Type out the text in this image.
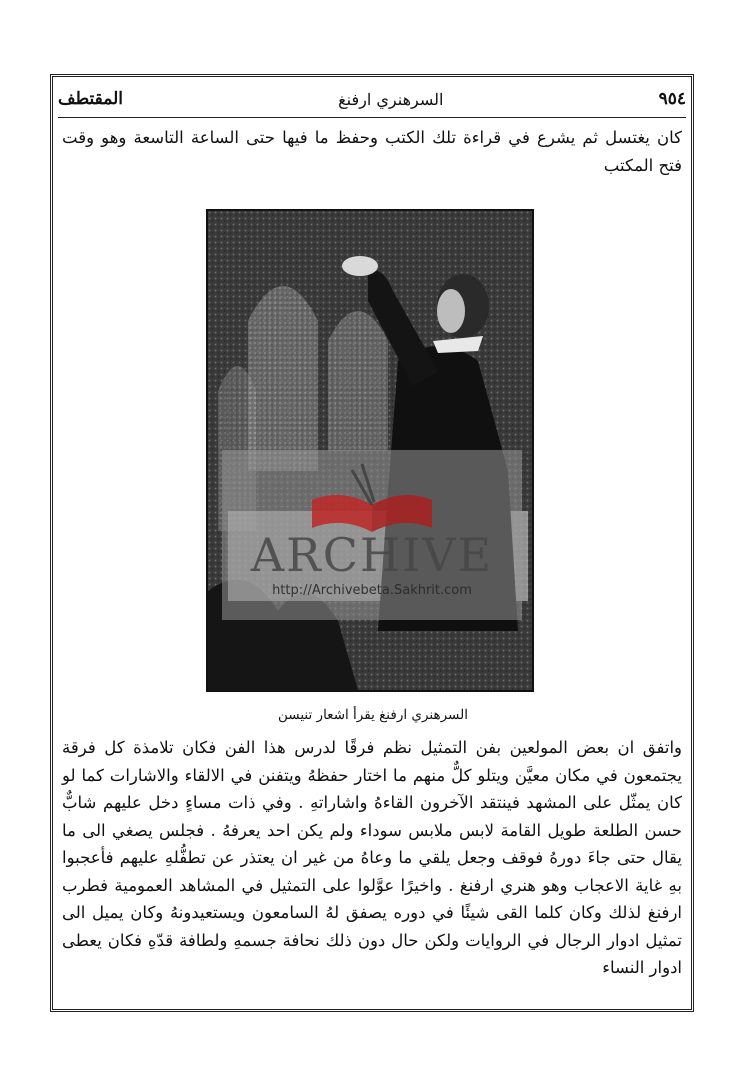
٩٥٤
السرهنري ارفنغ
المقتطف

كان يغتسل ثم يشرع في قراءة تلك الكتب وحفظ ما فيها حتى الساعة التاسعة وهو وقت فتح المكتب

ARCHIVE
http://Archivebeta.Sakhrit.com
السرهنري ارفنغ يقرأ اشعار تنيسن

واتفق ان بعض المولعين بفن التمثيل نظم فرقًا لدرس هذا الفن فكان تلامذة كل فرقة يجتمعون في مكان معيَّن ويتلو كلٌّ منهم ما اختار حفظهُ ويتفنن في الالقاء والاشارات كما لو كان يمثّل على المشهد فينتقد الآخرون القاءهُ واشاراتهِ . وفي ذات مساءٍ دخل عليهم شابٌّ حسن الطلعة طويل القامة لابس ملابس سوداء ولم يكن احد يعرفهُ . فجلس يصغي الى ما يقال حتى جاءَ دورهُ فوقف وجعل يلقي ما وعاهُ من غير ان يعتذر عن تطفُّلهِ عليهم فأعجبوا بهِ غاية الاعجاب وهو هنري ارفنغ . واخيرًا عوَّلوا على التمثيل في المشاهد العمومية فطرب ارفنغ لذلك وكان كلما القى شيئًا في دوره يصفق لهُ السامعون ويستعيدونهُ وكان يميل الى تمثيل ادوار الرجال في الروايات ولكن حال دون ذلك نحافة جسمهِ ولطافة قدّهِ فكان يعطى ادوار النساء
